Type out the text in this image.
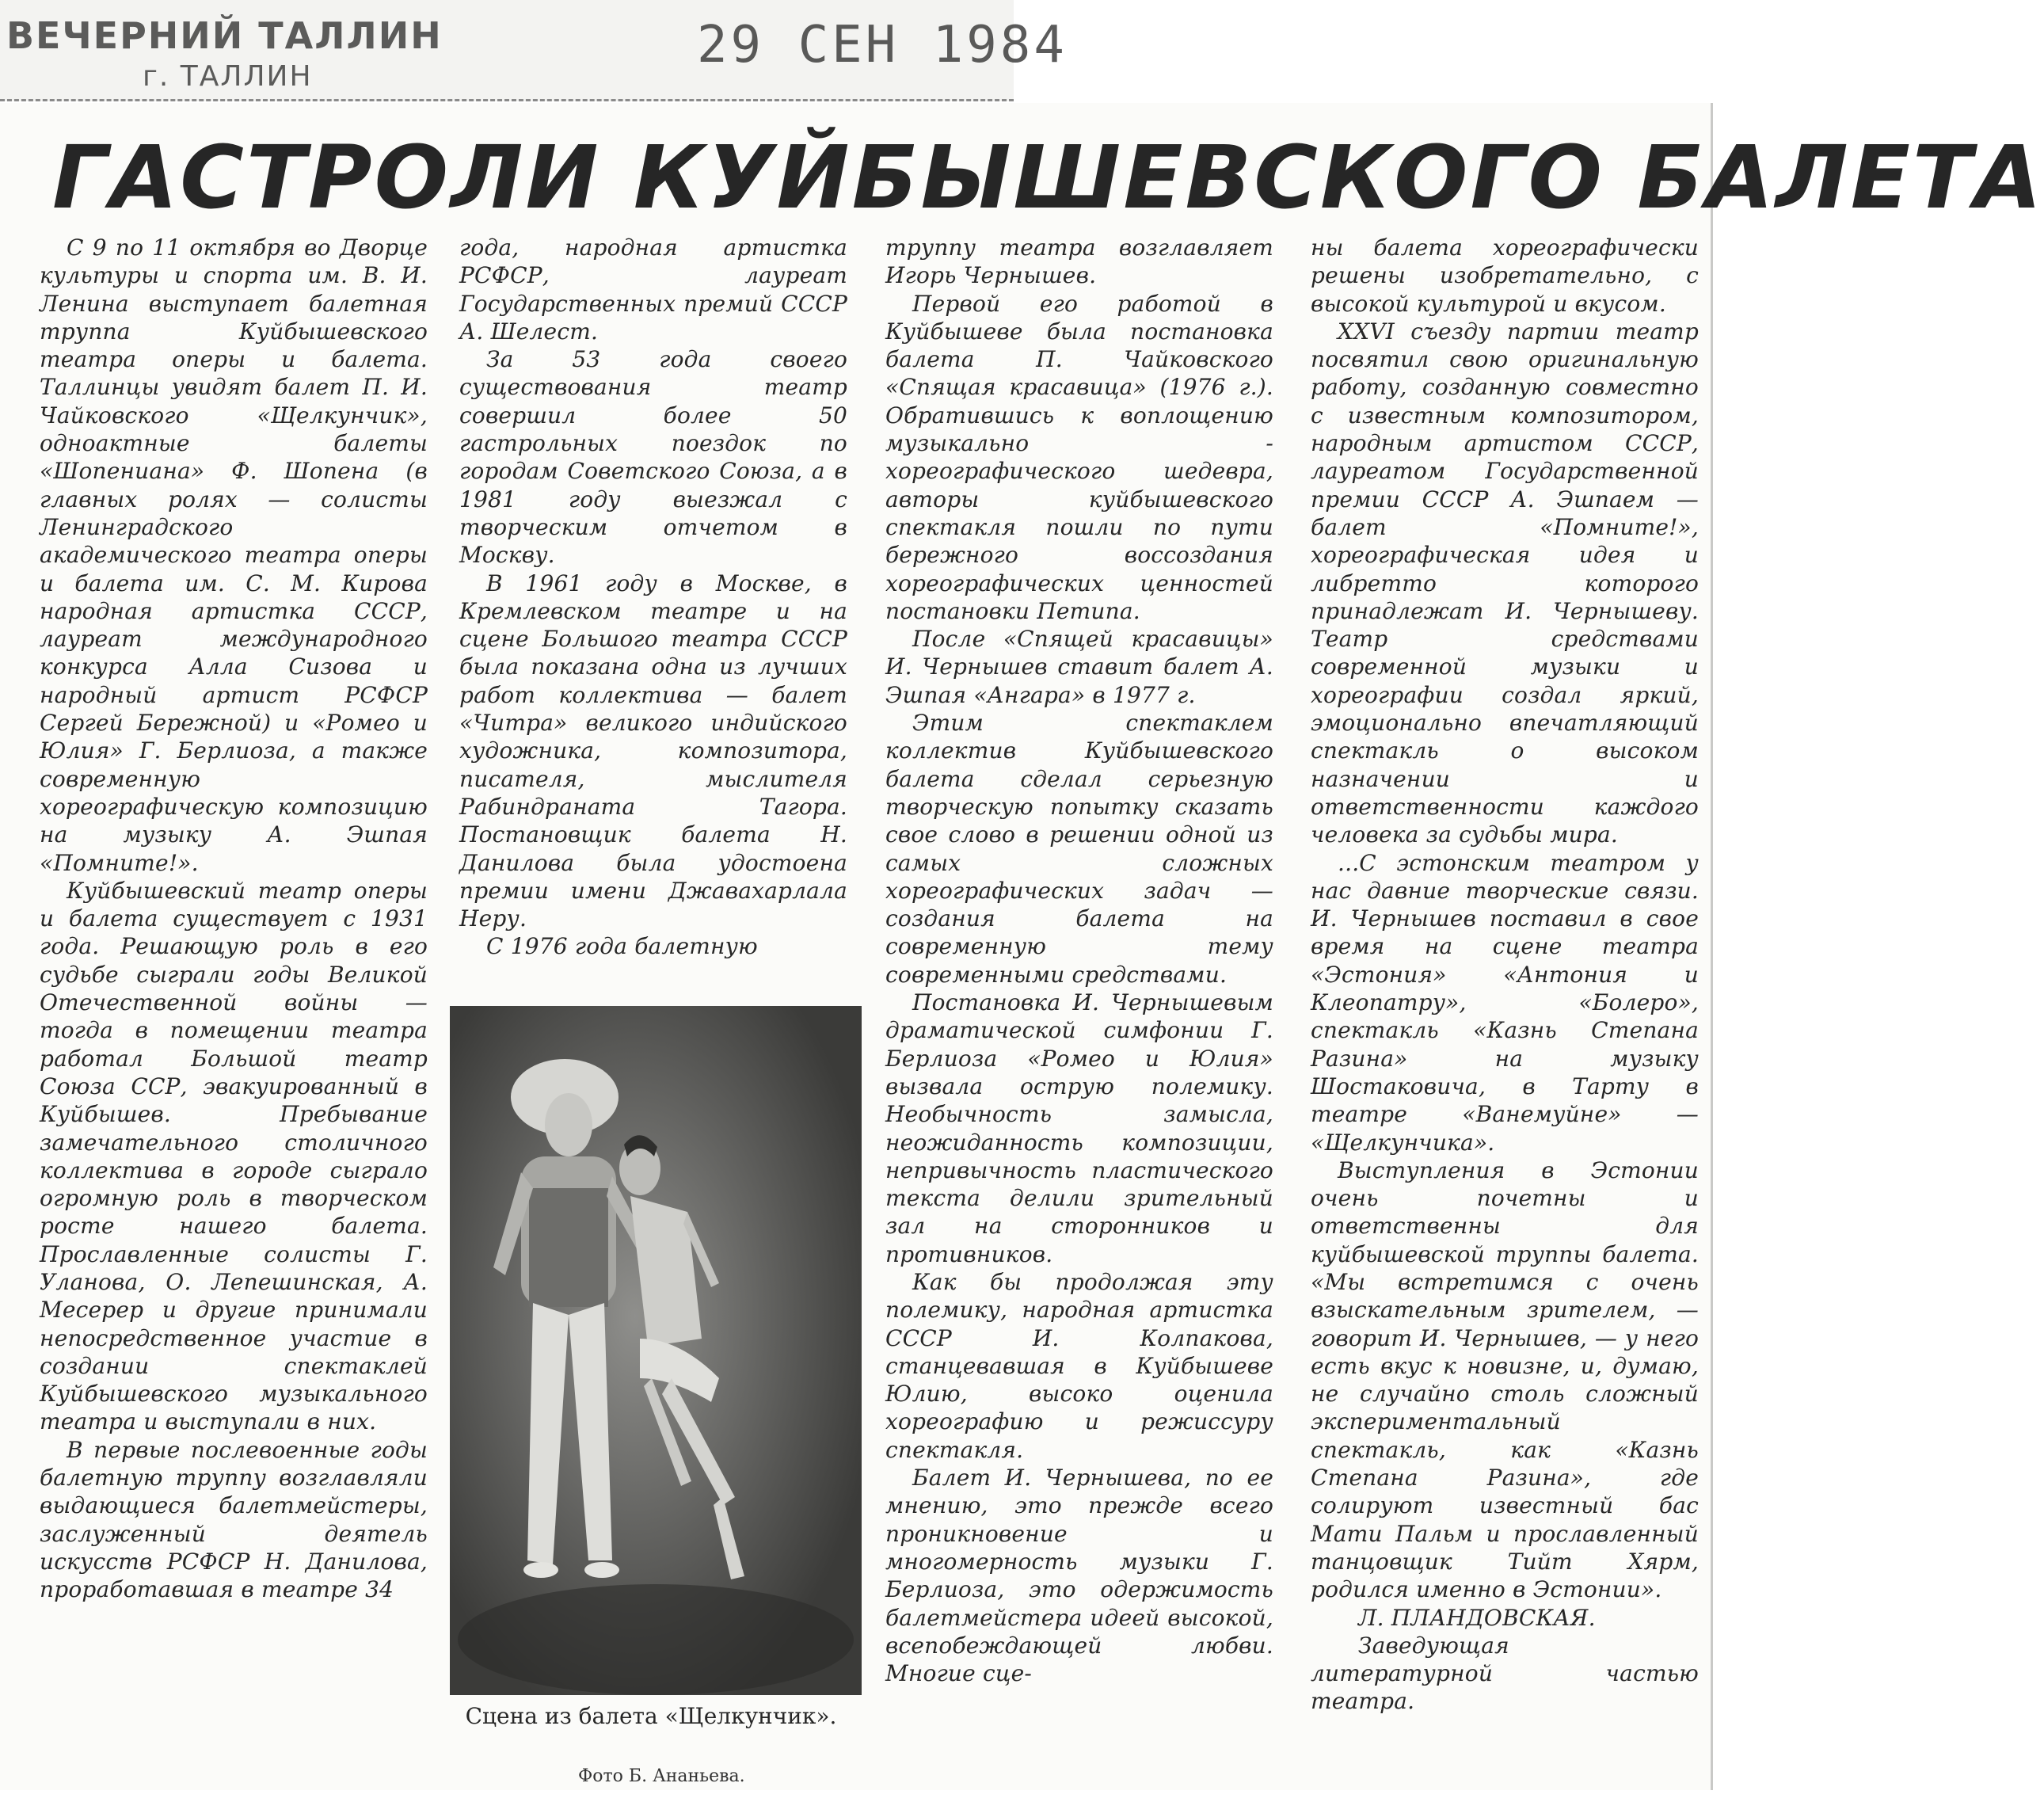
ВЕЧЕРНИЙ ТАЛЛИН
г. ТАЛЛИН
29 СЕН 1984
ГАСТРОЛИ КУЙБЫШЕВСКОГО БАЛЕТА

С 9 по 11 октября во Дворце культуры и спорта им. В. И. Ленина выступает балетная труппа Куйбышевского театра оперы и балета. Таллинцы увидят балет П. И. Чайковского «Щелкунчик», одноактные балеты «Шопениана» Ф. Шопена (в главных ролях — солисты Ленинградского академического театра оперы и балета им. С. М. Кирова народная артистка СССР, лауреат международного конкурса Алла Сизова и народный артист РСФСР Сергей Бережной) и «Ромео и Юлия» Г. Берлиоза, а также современную хореографическую композицию на музыку А. Эшпая «Помните!».

Куйбышевский театр оперы и балета существует с 1931 года. Решающую роль в его судьбе сыграли годы Великой Отечественной войны — тогда в помещении театра работал Большой театр Союза ССР, эвакуированный в Куйбышев. Пребывание замечательного столичного коллектива в городе сыграло огромную роль в творческом росте нашего балета. Прославленные солисты Г. Уланова, О. Лепешинская, А. Месерер и другие принимали непосредственное участие в создании спектаклей Куйбышевского музыкального театра и выступали в них.

В первые послевоенные годы балетную труппу возглавляли выдающиеся балетмейстеры, заслуженный деятель искусств РСФСР Н. Данилова, проработавшая в театре 34

года, народная артистка РСФСР, лауреат Государственных премий СССР А. Шелест.

За 53 года своего существования театр совершил более 50 гастрольных поездок по городам Советского Союза, а в 1981 году выезжал с творческим отчетом в Москву.

В 1961 году в Москве, в Кремлевском театре и на сцене Большого театра СССР была показана одна из лучших работ коллектива — балет «Читра» великого индийского художника, композитора, писателя, мыслителя Рабиндраната Тагора. Постановщик балета Н. Данилова была удостоена премии имени Джавахарлала Неру.

С 1976 года балетную

Сцена из балета «Щелкунчик».
Фото Б. Ананьева.

труппу театра возглавляет Игорь Чернышев.

Первой его работой в Куйбышеве была постановка балета П. Чайковского «Спящая красавица» (1976 г.). Обратившись к воплощению музыкально - хореографического шедевра, авторы куйбышевского спектакля пошли по пути бережного воссоздания хореографических ценностей постановки Петипа.

После «Спящей красавицы» И. Чернышев ставит балет А. Эшпая «Ангара» в 1977 г.

Этим спектаклем коллектив Куйбышевского балета сделал серьезную творческую попытку сказать свое слово в решении одной из самых сложных хореографических задач — создания балета на современную тему современными средствами.

Постановка И. Чернышевым драматической симфонии Г. Берлиоза «Ромео и Юлия» вызвала острую полемику. Необычность замысла, неожиданность композиции, непривычность пластического текста делили зрительный зал на сторонников и противников.

Как бы продолжая эту полемику, народная артистка СССР И. Колпакова, станцевавшая в Куйбышеве Юлию, высоко оценила хореографию и режиссуру спектакля.

Балет И. Чернышева, по ее мнению, это прежде всего проникновение и многомерность музыки Г. Берлиоза, это одержимость балетмейстера идеей высокой, всепобеждающей любви. Многие сце-

ны балета хореографически решены изобретательно, с высокой культурой и вкусом.

XXVI съезду партии театр посвятил свою оригинальную работу, созданную совместно с известным композитором, народным артистом СССР, лауреатом Государственной премии СССР А. Эшпаем — балет «Помните!», хореографическая идея и либретто которого принадлежат И. Чернышеву. Театр средствами современной музыки и хореографии создал яркий, эмоционально впечатляющий спектакль о высоком назначении и ответственности каждого человека за судьбы мира.

...С эстонским театром у нас давние творческие связи. И. Чернышев поставил в свое время на сцене театра «Эстония» «Антония и Клеопатру», «Болеро», спектакль «Казнь Степана Разина» на музыку Шостаковича, в Тарту в театре «Ванемуйне» — «Щелкунчика».

Выступления в Эстонии очень почетны и ответственны для куйбышевской труппы балета. «Мы встретимся с очень взыскательным зрителем, — говорит И. Чернышев, — у него есть вкус к новизне, и, думаю, не случайно столь сложный экспериментальный спектакль, как «Казнь Степана Разина», где солируют известный бас Мати Пальм и прославленный танцовщик Тийт Хярм, родился именно в Эстонии».

Л. ПЛАНДОВСКАЯ.

Заведующая литературной частью театра.
